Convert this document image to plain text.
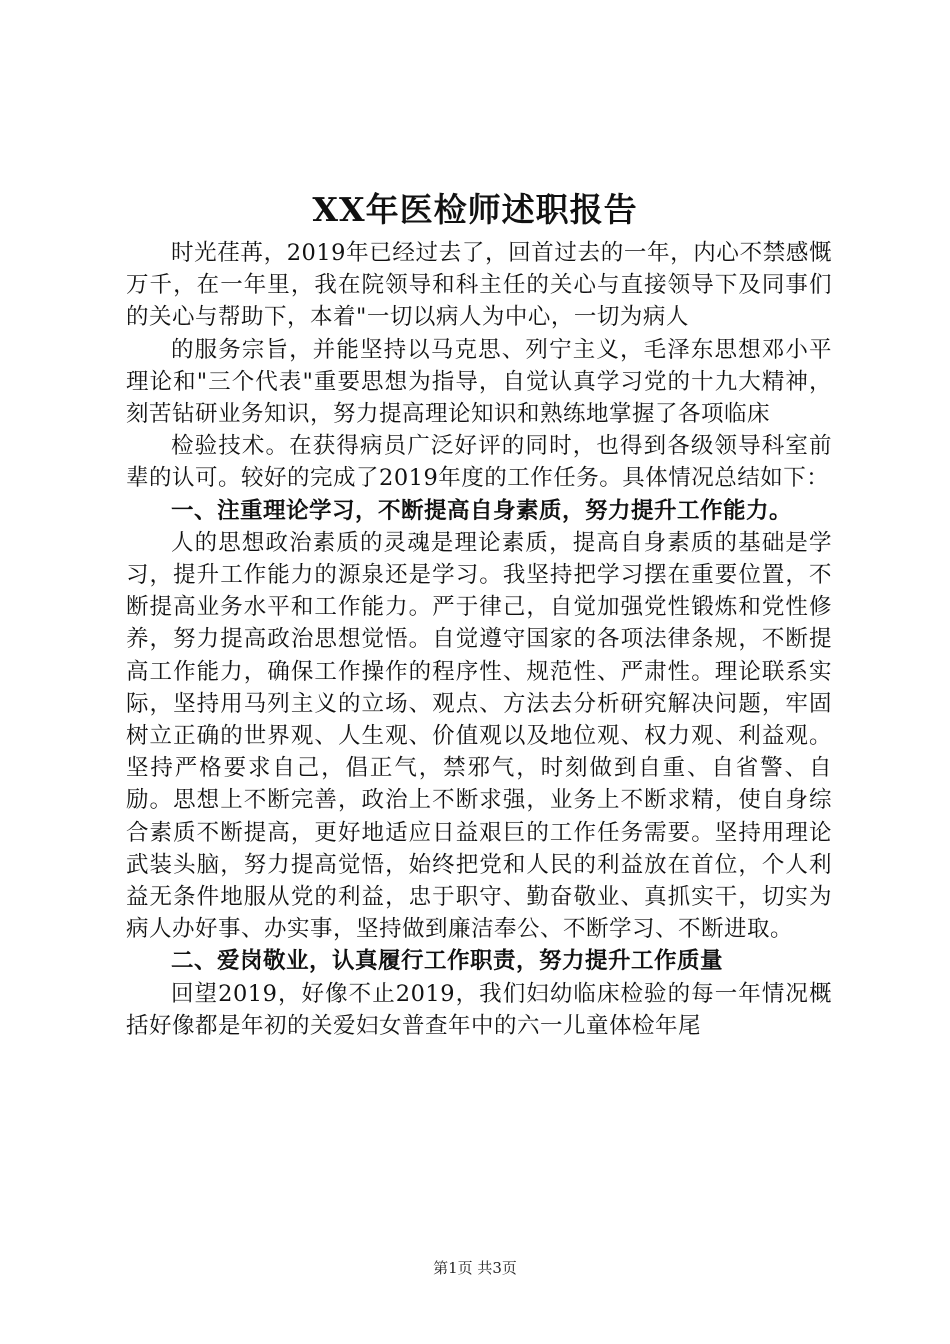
XX年医检师述职报告

时光荏苒，2019年已经过去了，回首过去的一年，内心不禁感慨万千，在一年里，我在院领导和科主任的关心与直接领导下及同事们的关心与帮助下，本着"一切以病人为中心，一切为病人

的服务宗旨，并能坚持以马克思、列宁主义，毛泽东思想邓小平理论和"三个代表"重要思想为指导，自觉认真学习党的十九大精神，刻苦钻研业务知识，努力提高理论知识和熟练地掌握了各项临床

检验技术。在获得病员广泛好评的同时，也得到各级领导科室前辈的认可。较好的完成了2019年度的工作任务。具体情况总结如下：

一、注重理论学习，不断提高自身素质，努力提升工作能力。

人的思想政治素质的灵魂是理论素质，提高自身素质的基础是学习，提升工作能力的源泉还是学习。我坚持把学习摆在重要位置，不断提高业务水平和工作能力。严于律己，自觉加强党性锻炼和党性修养，努力提高政治思想觉悟。自觉遵守国家的各项法律条规，不断提高工作能力，确保工作操作的程序性、规范性、严肃性。理论联系实际，坚持用马列主义的立场、观点、方法去分析研究解决问题，牢固树立正确的世界观、人生观、价值观以及地位观、权力观、利益观。坚持严格要求自己，倡正气，禁邪气，时刻做到自重、自省警、自励。思想上不断完善，政治上不断求强，业务上不断求精，使自身综合素质不断提高，更好地适应日益艰巨的工作任务需要。坚持用理论武装头脑，努力提高觉悟，始终把党和人民的利益放在首位，个人利益无条件地服从党的利益，忠于职守、勤奋敬业、真抓实干，切实为病人办好事、办实事，坚持做到廉洁奉公、不断学习、不断进取。

二、爱岗敬业，认真履行工作职责，努力提升工作质量

回望2019，好像不止2019，我们妇幼临床检验的每一年情况概括好像都是年初的关爱妇女普查年中的六一儿童体检年尾

第1页 共3页
